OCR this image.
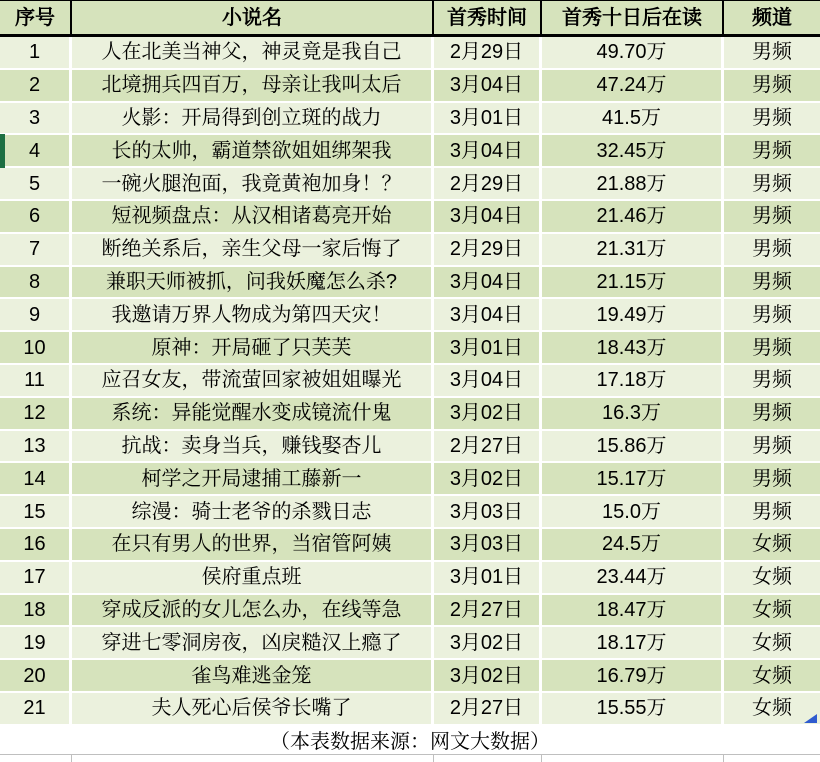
序号	小说名	首秀时间	首秀十日后在读	频道
1	人在北美当神父，神灵竟是我自己	2月29日	49.70万	男频
2	北境拥兵四百万，母亲让我叫太后	3月04日	47.24万	男频
3	火影：开局得到创立斑的战力	3月01日	41.5万	男频
4	长的太帅，霸道禁欲姐姐绑架我	3月04日	32.45万	男频
5	一碗火腿泡面，我竟黄袍加身！？	2月29日	21.88万	男频
6	短视频盘点：从汉相诸葛亮开始	3月04日	21.46万	男频
7	断绝关系后，亲生父母一家后悔了	2月29日	21.31万	男频
8	兼职天师被抓，问我妖魔怎么杀?	3月04日	21.15万	男频
9	我邀请万界人物成为第四天灾！	3月04日	19.49万	男频
10	原神：开局砸了只芙芙	3月01日	18.43万	男频
11	应召女友，带流萤回家被姐姐曝光	3月04日	17.18万	男频
12	系统：异能觉醒水变成镜流什鬼	3月02日	16.3万	男频
13	抗战：卖身当兵，赚钱娶杏儿	2月27日	15.86万	男频
14	柯学之开局逮捕工藤新一	3月02日	15.17万	男频
15	综漫：骑士老爷的杀戮日志	3月03日	15.0万	男频
16	在只有男人的世界，当宿管阿姨	3月03日	24.5万	女频
17	侯府重点班	3月01日	23.44万	女频
18	穿成反派的女儿怎么办，在线等急	2月27日	18.47万	女频
19	穿进七零洞房夜，凶戾糙汉上瘾了	3月02日	18.17万	女频
20	雀鸟难逃金笼	3月02日	16.79万	女频
21	夫人死心后侯爷长嘴了	2月27日	15.55万	女频
（本表数据来源：网文大数据）
